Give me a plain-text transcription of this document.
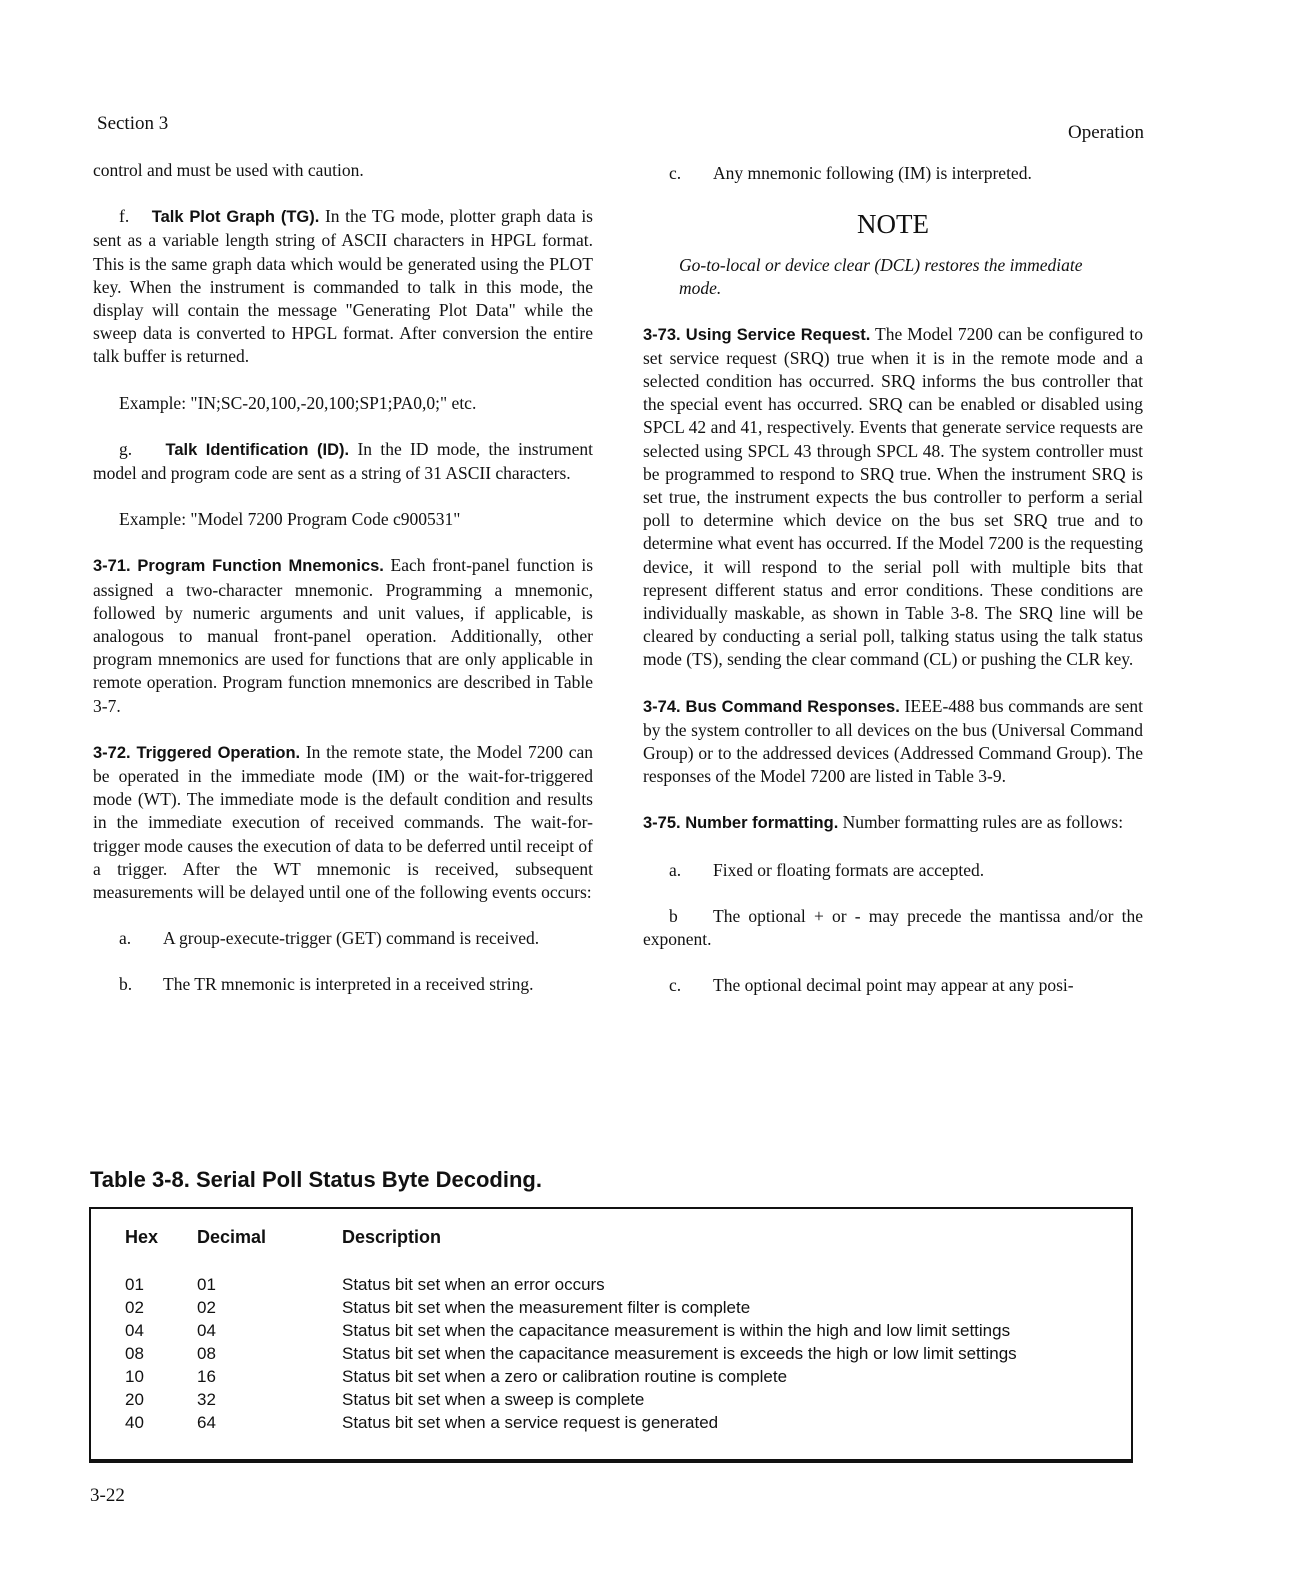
Section 3	Operation

control and must be used with caution.

f. Talk Plot Graph (TG). In the TG mode, plotter graph data is sent as a variable length string of ASCII characters in HPGL format. This is the same graph data which would be generated using the PLOT key. When the instrument is commanded to talk in this mode, the display will contain the message "Generating Plot Data" while the sweep data is converted to HPGL format. After conversion the entire talk buffer is returned.

Example: "IN;SC-20,100,-20,100;SP1;PA0,0;" etc.

g. Talk Identification (ID). In the ID mode, the instrument model and program code are sent as a string of 31 ASCII characters.

Example: "Model 7200 Program Code c900531"

3-71. Program Function Mnemonics. Each front-panel function is assigned a two-character mnemonic. Programming a mnemonic, followed by numeric arguments and unit values, if applicable, is analogous to manual front-panel operation. Additionally, other program mnemonics are used for functions that are only applicable in remote operation. Program function mnemonics are described in Table 3-7.

3-72. Triggered Operation. In the remote state, the Model 7200 can be operated in the immediate mode (IM) or the wait-for-triggered mode (WT). The immediate mode is the default condition and results in the immediate execution of received commands. The wait-for-trigger mode causes the execution of data to be deferred until receipt of a trigger. After the WT mnemonic is received, subsequent measurements will be delayed until one of the following events occurs:

a. A group-execute-trigger (GET) command is received.

b. The TR mnemonic is interpreted in a received string.

c. Any mnemonic following (IM) is interpreted.

NOTE

Go-to-local or device clear (DCL) restores the immediate mode.

3-73. Using Service Request. The Model 7200 can be configured to set service request (SRQ) true when it is in the remote mode and a selected condition has occurred. SRQ informs the bus controller that the special event has occurred. SRQ can be enabled or disabled using SPCL 42 and 41, respectively. Events that generate service requests are selected using SPCL 43 through SPCL 48. The system controller must be programmed to respond to SRQ true. When the instrument SRQ is set true, the instrument expects the bus controller to perform a serial poll to determine which device on the bus set SRQ true and to determine what event has occurred. If the Model 7200 is the requesting device, it will respond to the serial poll with multiple bits that represent different status and error conditions. These conditions are individually maskable, as shown in Table 3-8. The SRQ line will be cleared by conducting a serial poll, talking status using the talk status mode (TS), sending the clear command (CL) or pushing the CLR key.

3-74. Bus Command Responses. IEEE-488 bus commands are sent by the system controller to all devices on the bus (Universal Command Group) or to the addressed devices (Addressed Command Group). The responses of the Model 7200 are listed in Table 3-9.

3-75. Number formatting. Number formatting rules are as follows:

a. Fixed or floating formats are accepted.

b The optional + or - may precede the mantissa and/or the exponent.

c. The optional decimal point may appear at any posi-

Table 3-8. Serial Poll Status Byte Decoding.
Hex Decimal	Description
01	01	Status bit set when an error occurs
02	02	Status bit set when the measurement filter is complete
04	04	Status bit set when the capacitance measurement is within the high and low limit settings
08	08	Status bit set when the capacitance measurement is exceeds the high or low limit settings
10	16	Status bit set when a zero or calibration routine is complete
20	32	Status bit set when a sweep is complete
40	64	Status bit set when a service request is generated
3-22
